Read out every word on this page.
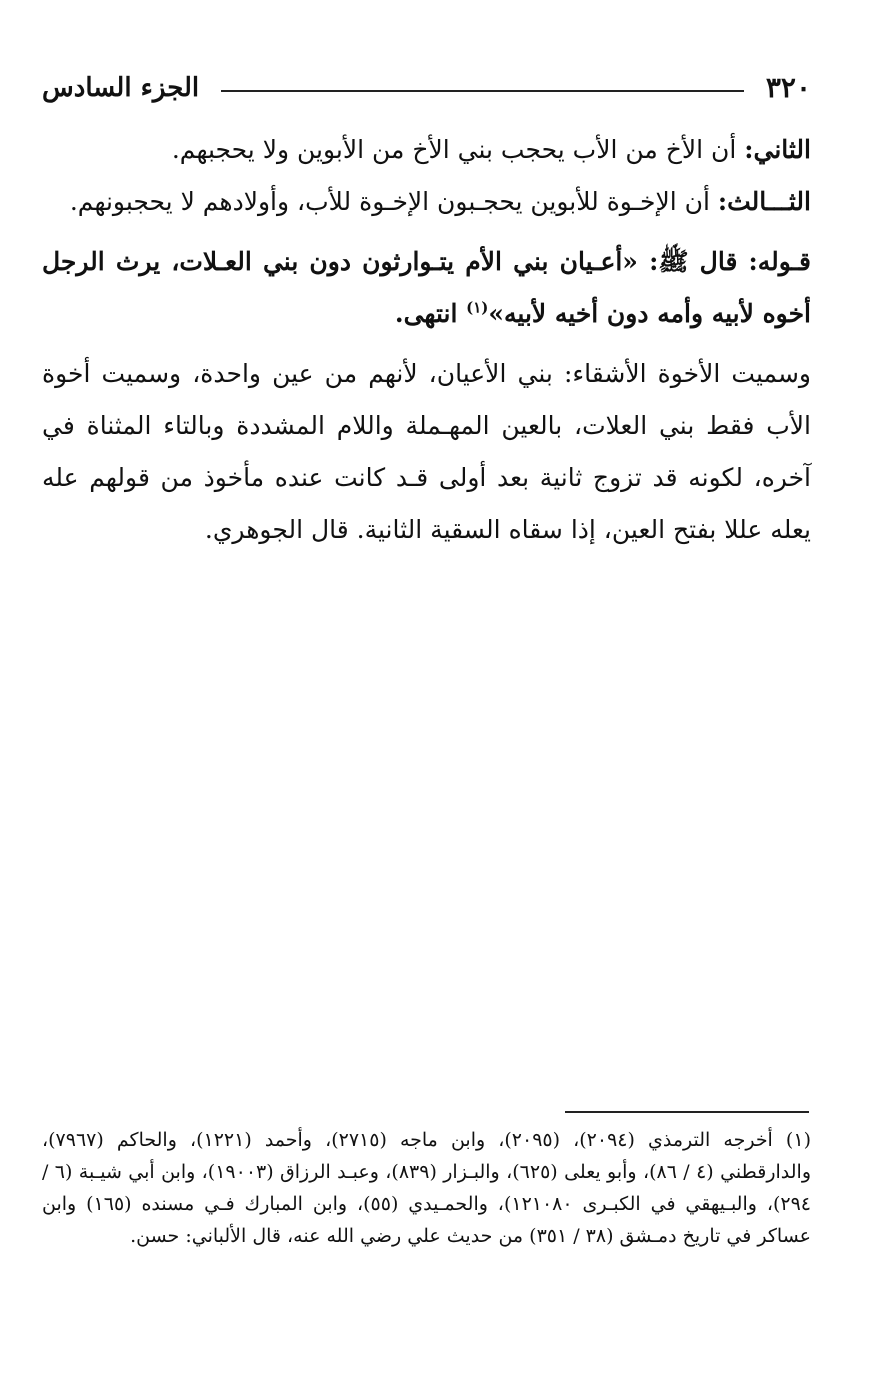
٣٢٠
الجزء السادس

الثاني: أن الأخ من الأب يحجب بني الأخ من الأبوين ولا يحجبهم.

الثـــالث: أن الإخـوة للأبوين يحجـبون الإخـوة للأب، وأولادهم لا يحجبونهم.

قـوله: قال ﷺ: «أعـيان بني الأم يتـوارثون دون بني العـلات، يرث الرجل أخوه لأبيه وأمه دون أخيه لأبيه»$^{(١)}$ انتهى.

وسميت الأخوة الأشقاء: بني الأعيان، لأنهم من عين واحدة، وسميت أخوة الأب فقط بني العلات، بالعين المهـملة واللام المشددة وبالتاء المثناة في آخره، لكونه قد تزوج ثانية بعد أولى قـد كانت عنده مأخوذ من قولهم عله يعله عللا بفتح العين، إذا سقاه السقية الثانية. قال الجوهري.

(١) أخرجه الترمذي (٢٠٩٤)، (٢٠٩٥)، وابن ماجه (٢٧١٥)، وأحمد (١٢٢١)، والحاكم (٧٩٦٧)، والدارقطني (٤ / ٨٦)، وأبو يعلى (٦٢٥)، والبـزار (٨٣٩)، وعبـد الرزاق (١٩٠٠٣)، وابن أبي شيـبة (٦ / ٢٩٤)، والبـيهقي في الكبـرى ١٢١٠٨٠)، والحمـيدي (٥٥)، وابن المبارك فـي مسنده (١٦٥) وابن عساكر في تاريخ دمـشق (٣٨ / ٣٥١) من حديث علي رضي الله عنه، قال الألباني: حسن.
